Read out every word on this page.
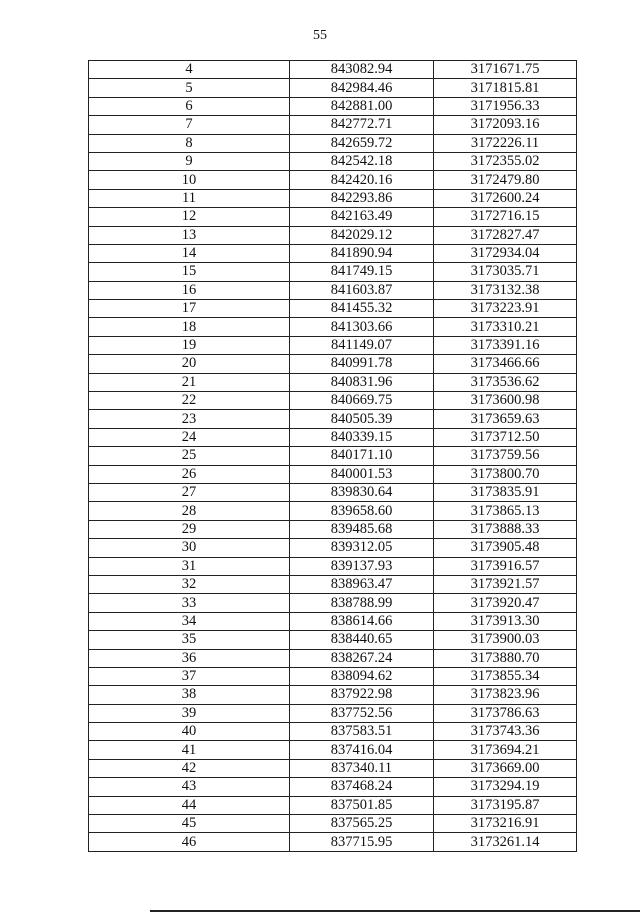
55
4	843082.94	3171671.75
5	842984.46	3171815.81
6	842881.00	3171956.33
7	842772.71	3172093.16
8	842659.72	3172226.11
9	842542.18	3172355.02
10	842420.16	3172479.80
11	842293.86	3172600.24
12	842163.49	3172716.15
13	842029.12	3172827.47
14	841890.94	3172934.04
15	841749.15	3173035.71
16	841603.87	3173132.38
17	841455.32	3173223.91
18	841303.66	3173310.21
19	841149.07	3173391.16
20	840991.78	3173466.66
21	840831.96	3173536.62
22	840669.75	3173600.98
23	840505.39	3173659.63
24	840339.15	3173712.50
25	840171.10	3173759.56
26	840001.53	3173800.70
27	839830.64	3173835.91
28	839658.60	3173865.13
29	839485.68	3173888.33
30	839312.05	3173905.48
31	839137.93	3173916.57
32	838963.47	3173921.57
33	838788.99	3173920.47
34	838614.66	3173913.30
35	838440.65	3173900.03
36	838267.24	3173880.70
37	838094.62	3173855.34
38	837922.98	3173823.96
39	837752.56	3173786.63
40	837583.51	3173743.36
41	837416.04	3173694.21
42	837340.11	3173669.00
43	837468.24	3173294.19
44	837501.85	3173195.87
45	837565.25	3173216.91
46	837715.95	3173261.14
